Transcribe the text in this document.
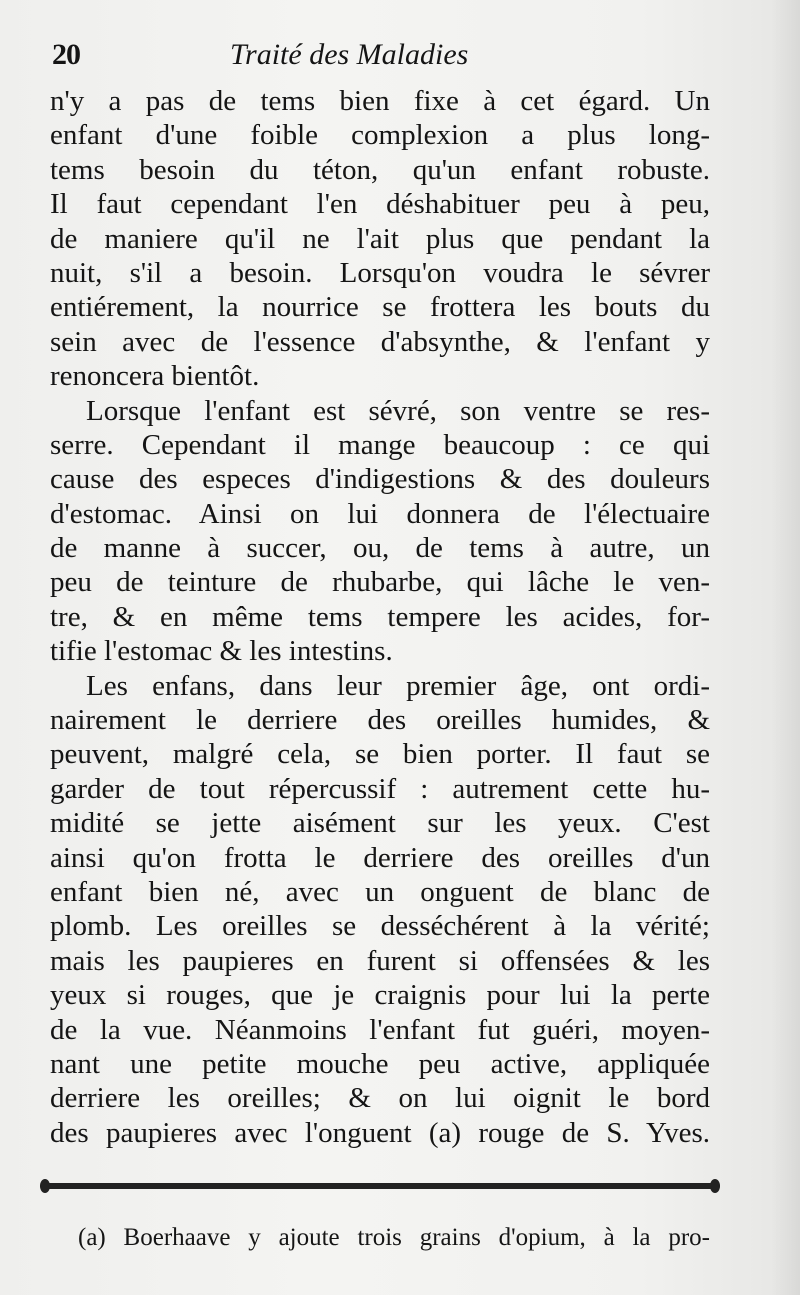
20	Traité des Maladies
n'y a pas de tems bien fixe à cet égard. Un
enfant d'une foible complexion a plus long-
tems besoin du téton, qu'un enfant robuste.
Il faut cependant l'en déshabituer peu à peu,
de maniere qu'il ne l'ait plus que pendant la
nuit, s'il a besoin. Lorsqu'on voudra le sévrer
entiérement, la nourrice se frottera les bouts du
sein avec de l'essence d'absynthe, & l'enfant y
renoncera bientôt.
Lorsque l'enfant est sévré, son ventre se res-
serre. Cependant il mange beaucoup : ce qui
cause des especes d'indigestions & des douleurs
d'estomac. Ainsi on lui donnera de l'électuaire
de manne à succer, ou, de tems à autre, un
peu de teinture de rhubarbe, qui lâche le ven-
tre, & en même tems tempere les acides, for-
tifie l'estomac & les intestins.
Les enfans, dans leur premier âge, ont ordi-
nairement le derriere des oreilles humides, &
peuvent, malgré cela, se bien porter. Il faut se
garder de tout répercussif : autrement cette hu-
midité se jette aisément sur les yeux. C'est
ainsi qu'on frotta le derriere des oreilles d'un
enfant bien né, avec un onguent de blanc de
plomb. Les oreilles se desséchérent à la vérité;
mais les paupieres en furent si offensées & les
yeux si rouges, que je craignis pour lui la perte
de la vue. Néanmoins l'enfant fut guéri, moyen-
nant une petite mouche peu active, appliquée
derriere les oreilles; & on lui oignit le bord
des paupieres avec l'onguent (a) rouge de S. Yves.
(a) Boerhaave y ajoute trois grains d'opium, à la pro-
